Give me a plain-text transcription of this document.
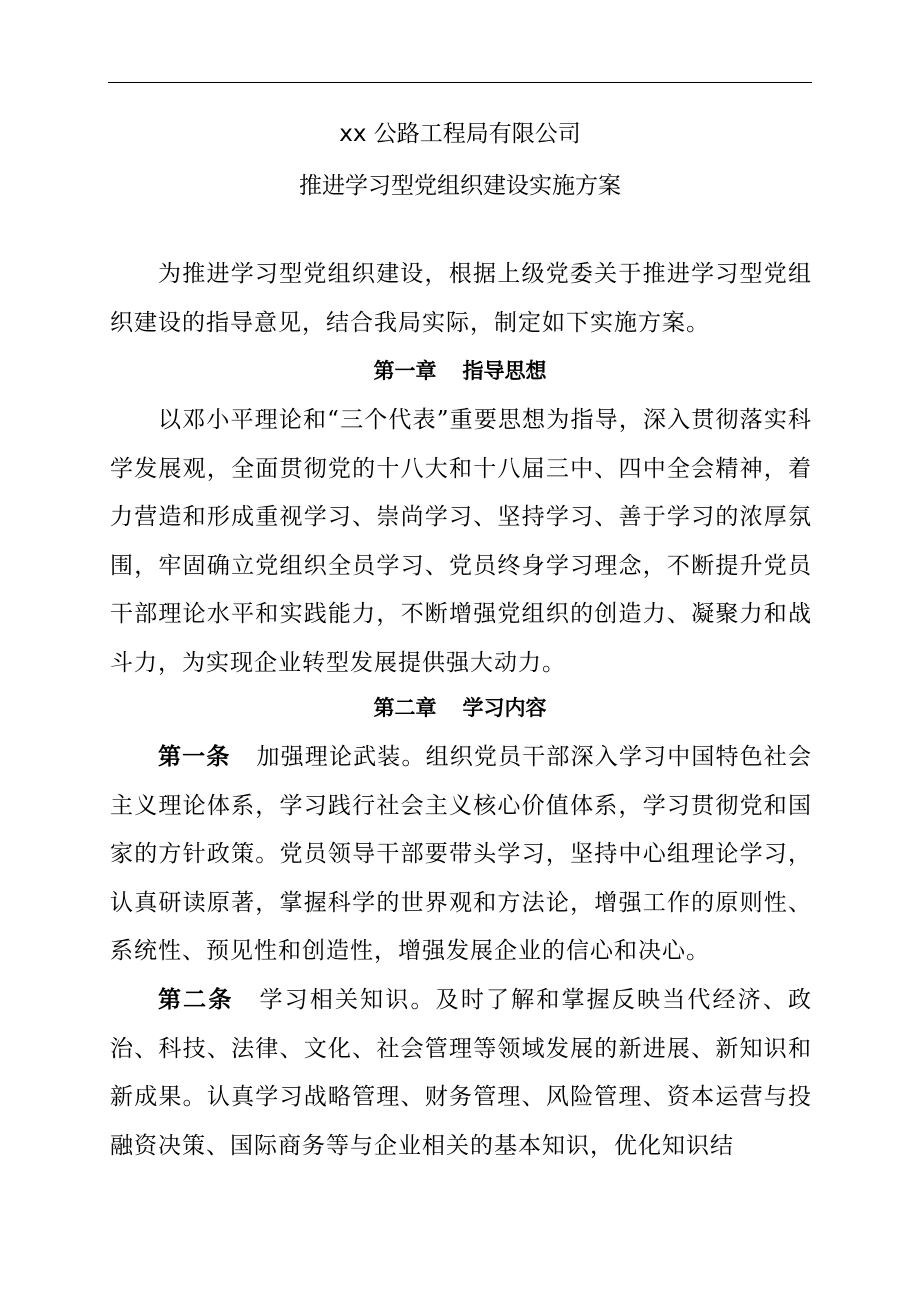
xx 公路工程局有限公司
推进学习型党组织建设实施方案

为推进学习型党组织建设，根据上级党委关于推进学习型党组织建设的指导意见，结合我局实际，制定如下实施方案。

第一章 指导思想

以邓小平理论和“三个代表”重要思想为指导，深入贯彻落实科学发展观，全面贯彻党的十八大和十八届三中、四中全会精神，着力营造和形成重视学习、崇尚学习、坚持学习、善于学习的浓厚氛围，牢固确立党组织全员学习、党员终身学习理念，不断提升党员干部理论水平和实践能力，不断增强党组织的创造力、凝聚力和战斗力，为实现企业转型发展提供强大动力。

第二章 学习内容

第一条 加强理论武装。组织党员干部深入学习中国特色社会主义理论体系，学习践行社会主义核心价值体系，学习贯彻党和国家的方针政策。党员领导干部要带头学习，坚持中心组理论学习，认真研读原著，掌握科学的世界观和方法论，增强工作的原则性、系统性、预见性和创造性，增强发展企业的信心和决心。

第二条 学习相关知识。及时了解和掌握反映当代经济、政治、科技、法律、文化、社会管理等领域发展的新进展、新知识和新成果。认真学习战略管理、财务管理、风险管理、资本运营与投融资决策、国际商务等与企业相关的基本知识，优化知识结
